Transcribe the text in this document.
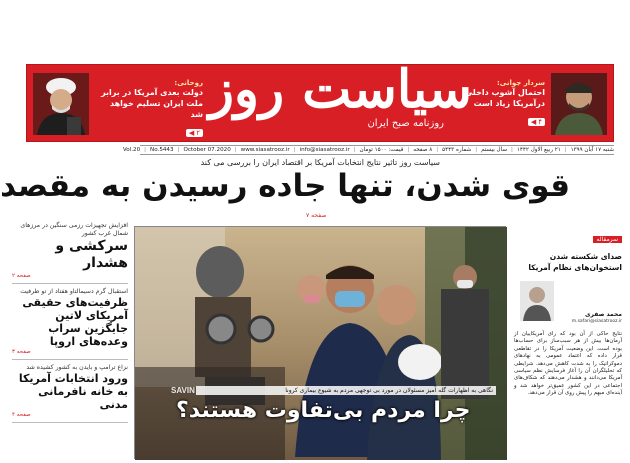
سردار جوانی:
احتمال آشوب داخلی درآمریکا زیاد است
۴◀
سیاست روز
روزنامه صبح ایران
روحانی:
دولت بعدی آمریکا در برابر ملت ایران تسلیم خواهد شد
۲◀
شنبه ۱۷ آبان ۱۳۹۹
|
۲۱ ربیع الاول ۱۴۴۲
|
سال بیستم
|
شماره ۵۴۴۳
|
۸ صفحه
|
قیمت: ۱۵۰۰ تومان
|
info@siasatrooz.ir
|
www.siasatrooz.ir
|
October 07.2020
|
No.5443
|
Vol.20
سیاست روز تاثیر نتایج انتخابات آمریکا بر اقتصاد ایران را بررسی می کند
قوی شدن، تنها جاده رسیدن به مقصد
صفحه ۷
افزایش تجهیزات رزمی سنگین در مرزهای شمال غرب کشور
سرکشی و هشدار
صفحه ۲
استقبال گرم دسیمالتاو هفتاد از تو طرفیت
ظرفیت‌های حقیقی آمریکای لاتین جایگزین سراب وعده‌های اروپا
صفحه ۳
نزاع ترامپ و بایدن به کشور کشیده شد
ورود انتخابات آمریکا به خانه نافرمانی مدنی
صفحه ۴
SAVIN	نگاهی به اظهارات گله آمیز مسئولان در مورد بی توجهی مردم به شیوع بیماری کرونا
چرا مردم بی‌تفاوت هستند؟
سرمقاله
صدای شکسته شدن استخوان‌های نظام آمریکا
محمد صفری
m.safari@siasatrooz.ir
نتایج حاکی از آن بود که رای آمریکاییان از آرمان‌ها بیش از هر سبب‌ساز برای حساب‌ها بوده است. این وضعیت آمریکا را در تقاطعی قرار داده که اعتماد عمومی به نهادهای دموکراتیک را به شدت کاهش می‌دهد. شرایطی که تحلیلگران آن را آغاز فرسایش نظم سیاسی آمریکا می‌دانند و هشدار می‌دهند که شکاف‌های اجتماعی در این کشور عمیق‌تر خواهد شد و آینده‌ای مبهم را پیش روی آن قرار می‌دهد.
